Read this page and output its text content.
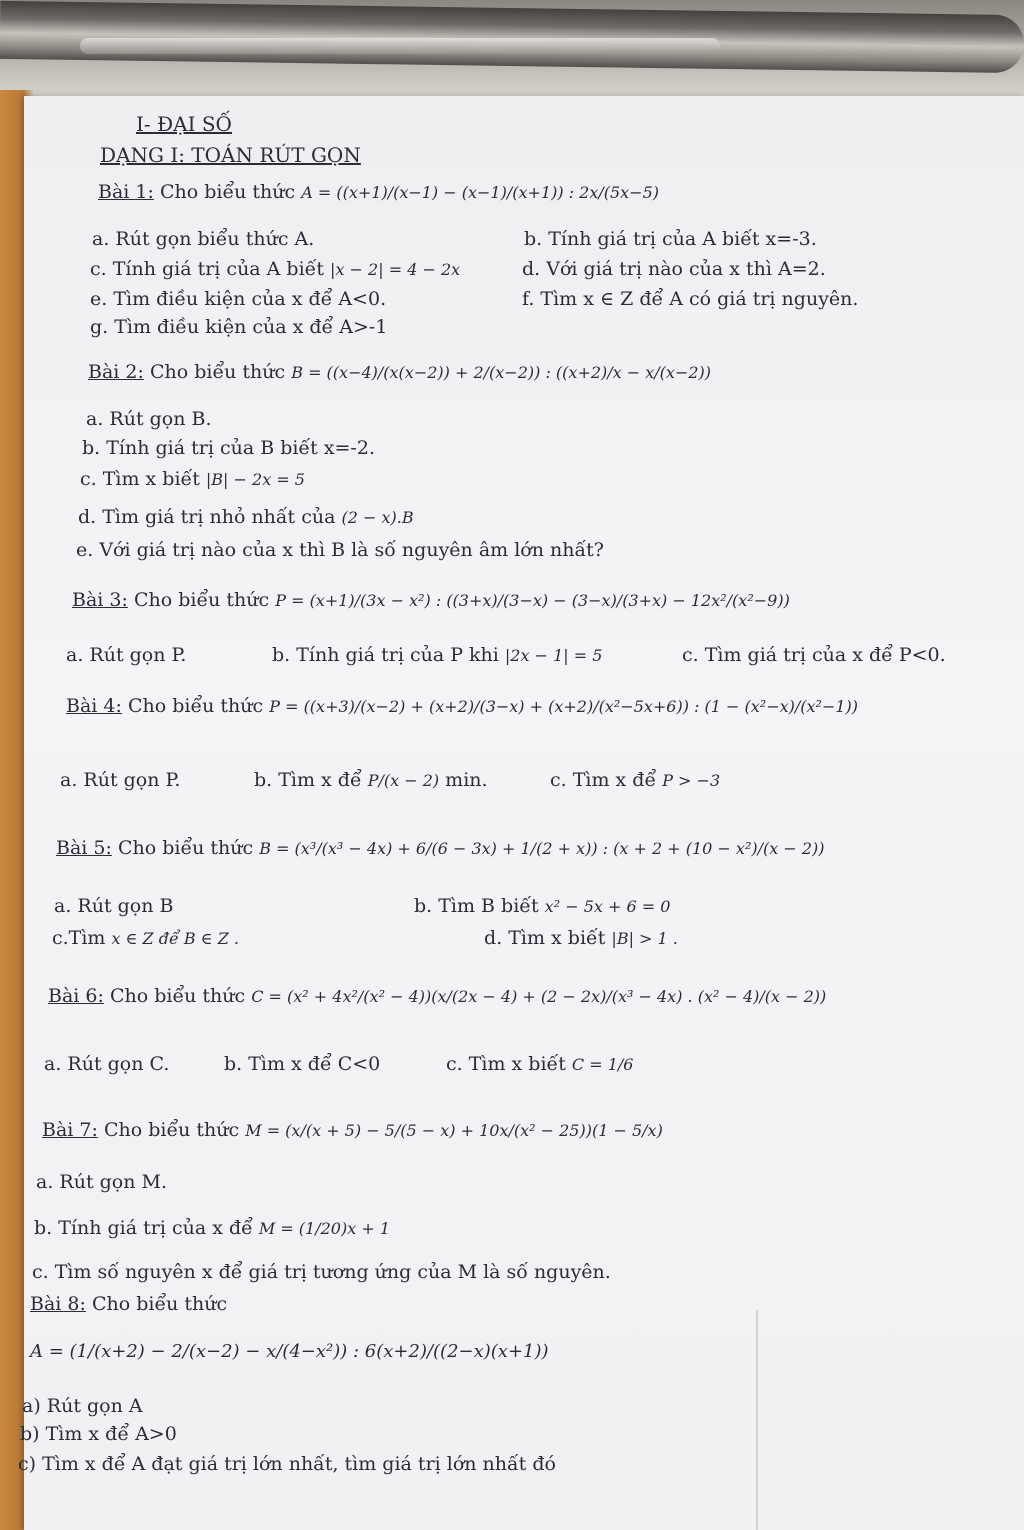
I- ĐẠI SỐ
DẠNG I: TOÁN RÚT GỌN
Bài 1: Cho biểu thức A = ((x+1)/(x−1) − (x−1)/(x+1)) : 2x/(5x−5)
a. Rút gọn biểu thức A.	b. Tính giá trị của A biết x=-3.
c. Tính giá trị của A biết |x − 2| = 4 − 2x	d. Với giá trị nào của x thì A=2.
e. Tìm điều kiện của x để A<0.	f. Tìm x ∈ Z để A có giá trị nguyên.
g. Tìm điều kiện của x để A>-1
Bài 2: Cho biểu thức B = ((x−4)/(x(x−2)) + 2/(x−2)) : ((x+2)/x − x/(x−2))
a. Rút gọn B.
b. Tính giá trị của B biết x=-2.
c. Tìm x biết |B| − 2x = 5
d. Tìm giá trị nhỏ nhất của (2 − x).B
e. Với giá trị nào của x thì B là số nguyên âm lớn nhất?
Bài 3: Cho biểu thức P = (x+1)/(3x − x²) : ((3+x)/(3−x) − (3−x)/(3+x) − 12x²/(x²−9))
a. Rút gọn P.	b. Tính giá trị của P khi |2x − 1| = 5	c. Tìm giá trị của x để P<0.
Bài 4: Cho biểu thức P = ((x+3)/(x−2) + (x+2)/(3−x) + (x+2)/(x²−5x+6)) : (1 − (x²−x)/(x²−1))
a. Rút gọn P.	b. Tìm x để P/(x − 2) min.	c. Tìm x để P > −3
Bài 5: Cho biểu thức B = (x³/(x³ − 4x) + 6/(6 − 3x) + 1/(2 + x)) : (x + 2 + (10 − x²)/(x − 2))
a. Rút gọn B	b. Tìm B biết x² − 5x + 6 = 0
c.Tìm x ∈ Z để B ∈ Z .	d. Tìm x biết |B| > 1 .
Bài 6: Cho biểu thức C = (x² + 4x²/(x² − 4))(x/(2x − 4) + (2 − 2x)/(x³ − 4x) . (x² − 4)/(x − 2))
a. Rút gọn C.	b. Tìm x để C<0	c. Tìm x biết C = 1/6
Bài 7: Cho biểu thức M = (x/(x + 5) − 5/(5 − x) + 10x/(x² − 25))(1 − 5/x)
a. Rút gọn M.
b. Tính giá trị của x để M = (1/20)x + 1
c. Tìm số nguyên x để giá trị tương ứng của M là số nguyên.
Bài 8: Cho biểu thức
A = (1/(x+2) − 2/(x−2) − x/(4−x²)) : 6(x+2)/((2−x)(x+1))
a) Rút gọn A
b) Tìm x để A>0
c) Tìm x để A đạt giá trị lớn nhất, tìm giá trị lớn nhất đó
